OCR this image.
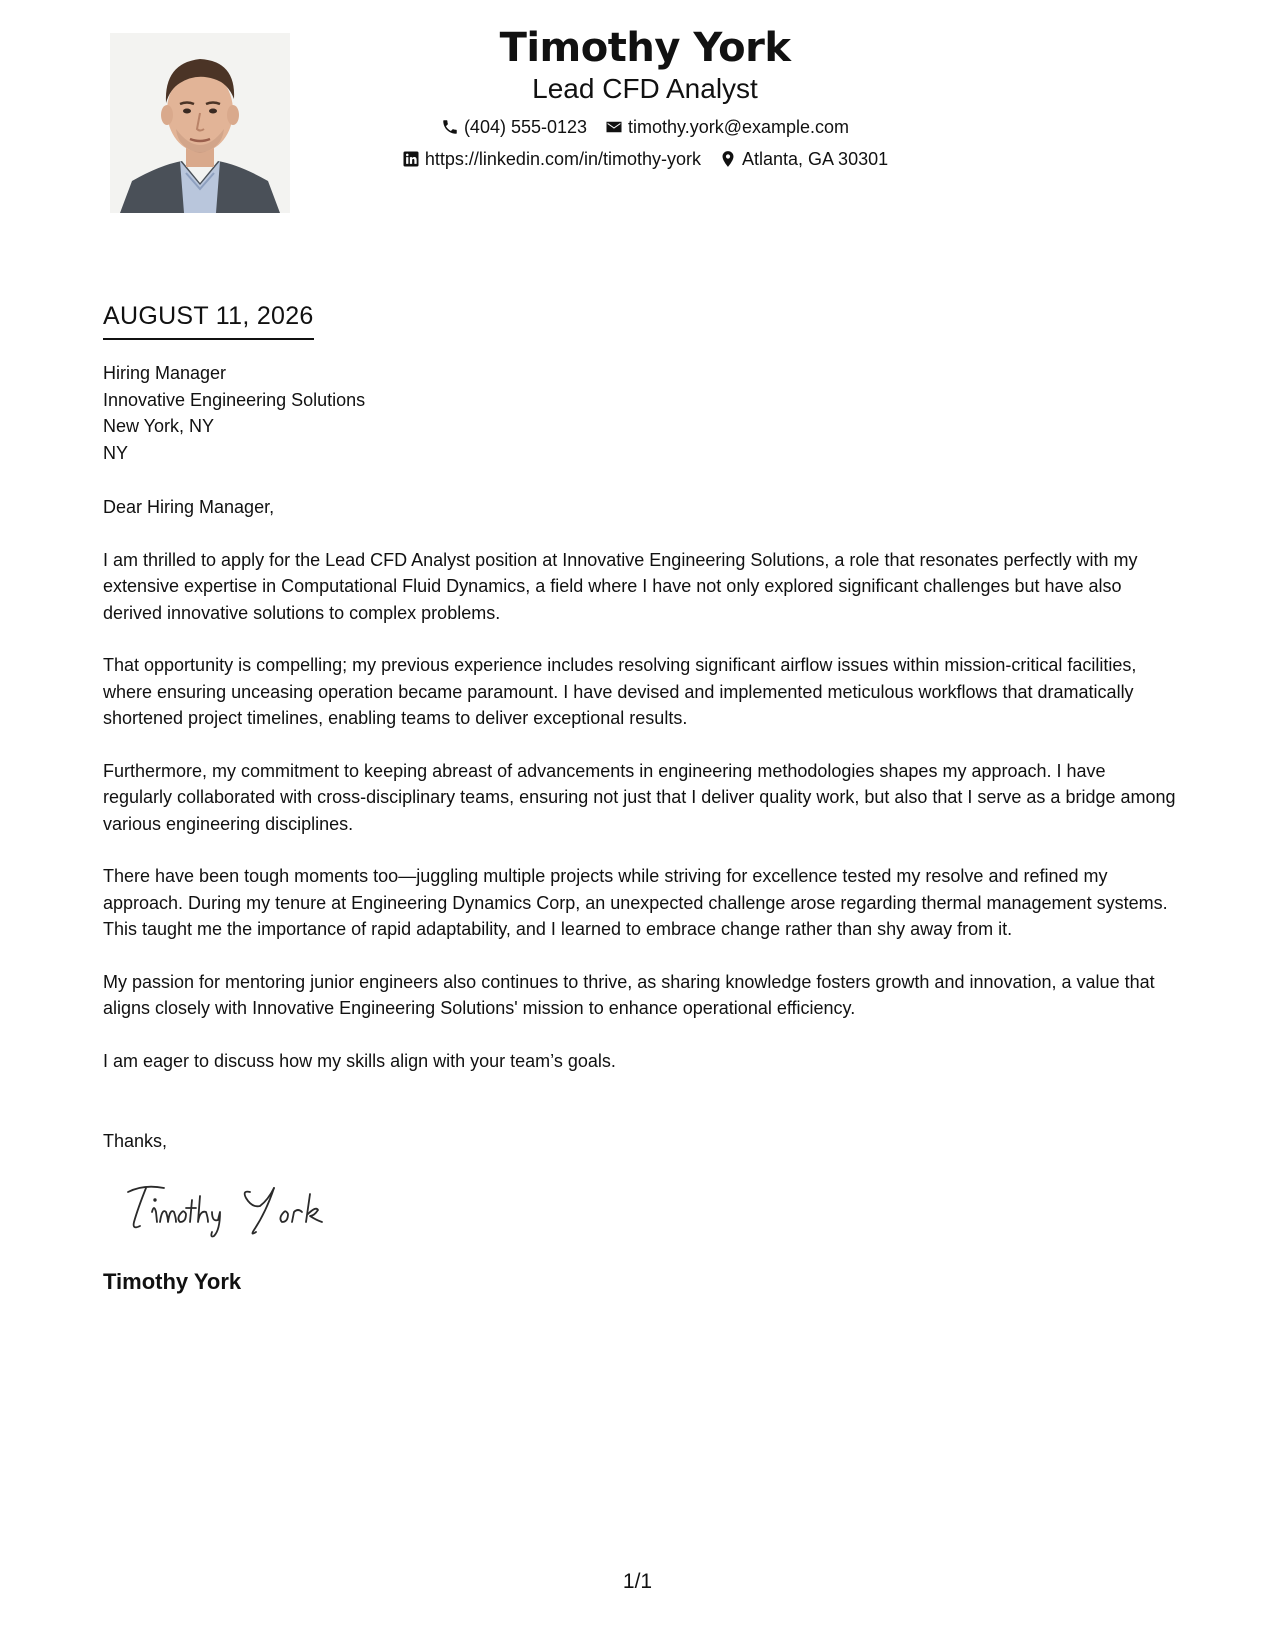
Timothy York
Lead CFD Analyst
(404) 555-0123 timothy.york@example.com
https://linkedin.com/in/timothy-york Atlanta, GA 30301
AUGUST 11, 2026
Hiring Manager
Innovative Engineering Solutions
New York, NY
NY

Dear Hiring Manager,

I am thrilled to apply for the Lead CFD Analyst position at Innovative Engineering Solutions, a role that resonates perfectly with my extensive expertise in Computational Fluid Dynamics, a field where I have not only explored significant challenges but have also derived innovative solutions to complex problems.

That opportunity is compelling; my previous experience includes resolving significant airflow issues within mission-critical facilities, where ensuring unceasing operation became paramount. I have devised and implemented meticulous workflows that dramatically shortened project timelines, enabling teams to deliver exceptional results.

Furthermore, my commitment to keeping abreast of advancements in engineering methodologies shapes my approach. I have regularly collaborated with cross-disciplinary teams, ensuring not just that I deliver quality work, but also that I serve as a bridge among various engineering disciplines.

There have been tough moments too—juggling multiple projects while striving for excellence tested my resolve and refined my approach. During my tenure at Engineering Dynamics Corp, an unexpected challenge arose regarding thermal management systems. This taught me the importance of rapid adaptability, and I learned to embrace change rather than shy away from it.

My passion for mentoring junior engineers also continues to thrive, as sharing knowledge fosters growth and innovation, a value that aligns closely with Innovative Engineering Solutions' mission to enhance operational efficiency.

I am eager to discuss how my skills align with your team’s goals.

Thanks,
Timothy York
1/1
